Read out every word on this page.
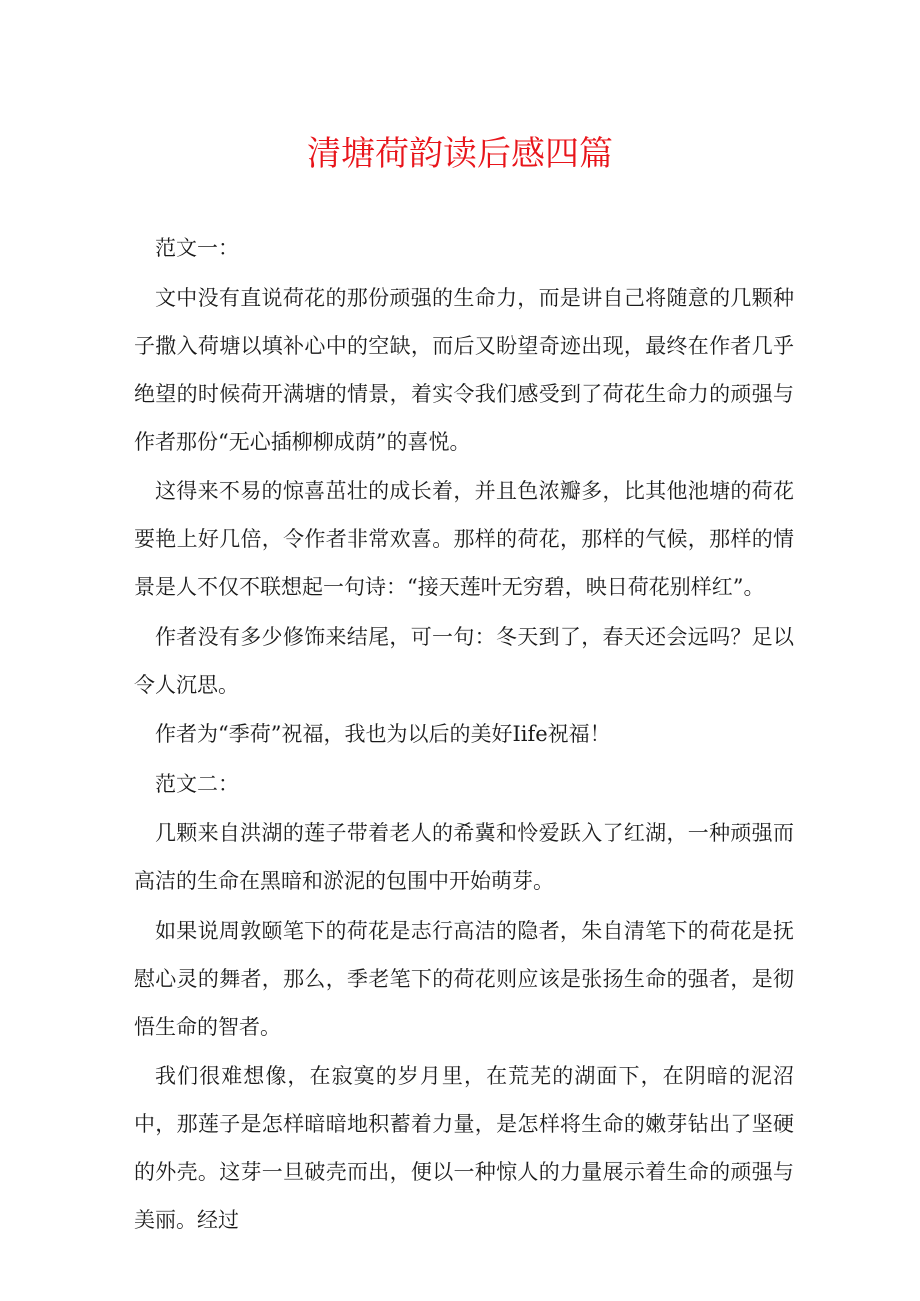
清塘荷韵读后感四篇

范文一：

文中没有直说荷花的那份顽强的生命力，而是讲自己将随意的几颗种子撒入荷塘以填补心中的空缺，而后又盼望奇迹出现，最终在作者几乎绝望的时候荷开满塘的情景，着实令我们感受到了荷花生命力的顽强与作者那份“无心插柳柳成荫”的喜悦。

这得来不易的惊喜茁壮的成长着，并且色浓瓣多，比其他池塘的荷花要艳上好几倍，令作者非常欢喜。那样的荷花，那样的气候，那样的情景是人不仅不联想起一句诗：“接天莲叶无穷碧，映日荷花别样红”。

作者没有多少修饰来结尾，可一句：冬天到了，春天还会远吗？足以令人沉思。

作者为“季荷”祝福，我也为以后的美好Iife祝福！

范文二：

几颗来自洪湖的莲子带着老人的希冀和怜爱跃入了红湖，一种顽强而高洁的生命在黑暗和淤泥的包围中开始萌芽。

如果说周敦颐笔下的荷花是志行高洁的隐者，朱自清笔下的荷花是抚慰心灵的舞者，那么，季老笔下的荷花则应该是张扬生命的强者，是彻悟生命的智者。

我们很难想像，在寂寞的岁月里，在荒芜的湖面下，在阴暗的泥沼中，那莲子是怎样暗暗地积蓄着力量，是怎样将生命的嫩芽钻出了坚硬的外壳。这芽一旦破壳而出，便以一种惊人的力量展示着生命的顽强与美丽。经过
